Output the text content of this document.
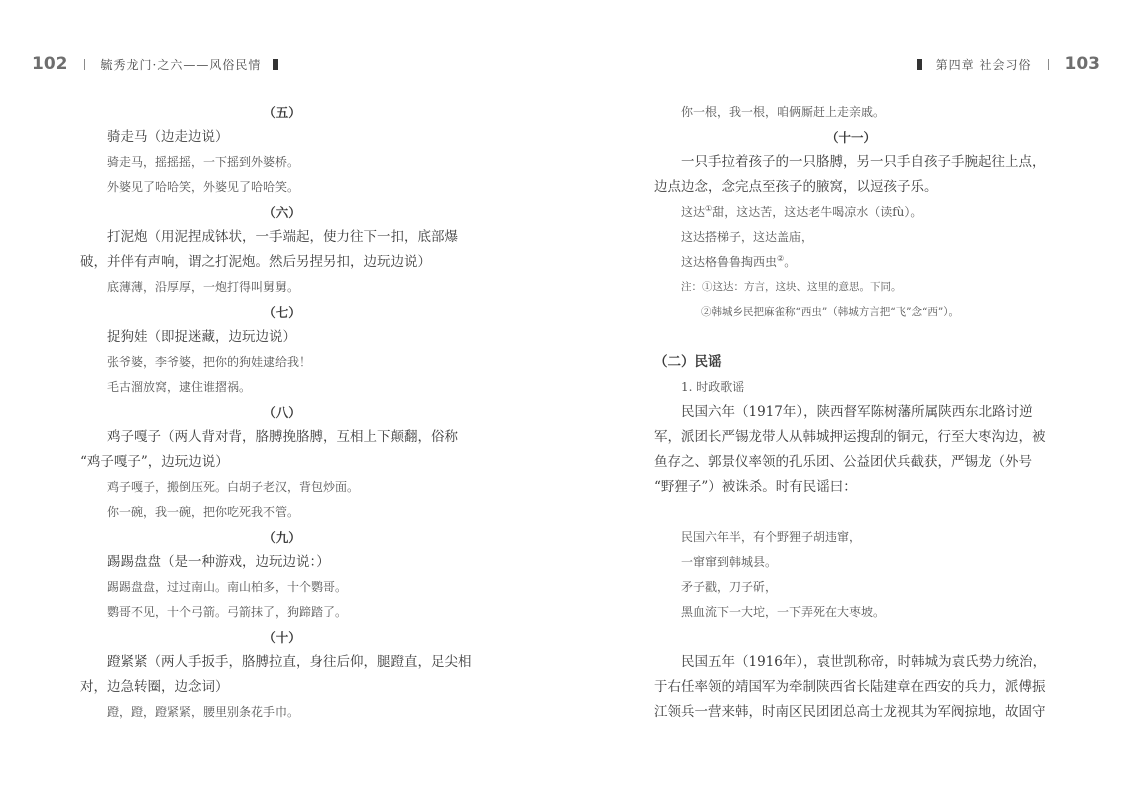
102	毓秀龙门·之六——风俗民情
（五）
骑走马（边走边说）
骑走马，摇摇摇，一下摇到外婆桥。
外婆见了哈哈笑，外婆见了哈哈笑。
（六）
打泥炮（用泥捏成钵状，一手端起，使力往下一扣，底部爆
破，并伴有声响，谓之打泥炮。然后另捏另扣，边玩边说）
底薄薄，沿厚厚，一炮打得叫舅舅。
（七）
捉狗娃（即捉迷藏，边玩边说）
张爷婆，李爷婆，把你的狗娃逮给我！
毛古溜放窝，逮住谁摺祸。
（八）
鸡子嘎子（两人背对背，胳膊挽胳膊，互相上下颠翻，俗称
“鸡子嘎子”，边玩边说）
鸡子嘎子，搬倒压死。白胡子老汉，背包炒面。
你一碗，我一碗，把你吃死我不管。
（九）
踢踢盘盘（是一种游戏，边玩边说：）
踢踢盘盘，过过南山。南山柏多，十个鹦哥。
鹦哥不见，十个弓箭。弓箭抹了，狗蹄踏了。
（十）
蹬紧紧（两人手扳手，胳膊拉直，身往后仰，腿蹬直，足尖相
对，边急转圈，边念词）
蹬，蹬，蹬紧紧，腰里别条花手巾。
第四章 社会习俗 103
你一根，我一根，咱俩厮赶上走亲戚。
（十一）
一只手拉着孩子的一只胳膊，另一只手自孩子手腕起往上点，
边点边念，念完点至孩子的腋窝，以逗孩子乐。
这达①甜，这达苦，这达老牛喝凉水（读fù）。
这达搭梯子，这达盖庙，
这达格鲁鲁掏西虫②。
注：①这达：方言，这块、这里的意思。下同。
②韩城乡民把麻雀称“西虫”（韩城方言把“飞”念“西”）。
（二）民谣
1. 时政歌谣
民国六年（1917年），陕西督军陈树藩所属陕西东北路讨逆
军，派团长严锡龙带人从韩城押运搜刮的铜元，行至大枣沟边，被
鱼存之、郭景仪率领的孔乐团、公益团伏兵截获，严锡龙（外号
“野狸子”）被诛杀。时有民谣曰：
民国六年半，有个野狸子胡违窜，
一窜窜到韩城县。
矛子戳，刀子斫，
黑血流下一大坨，一下弄死在大枣坡。
民国五年（1916年），袁世凯称帝，时韩城为袁氏势力统治，
于右任率领的靖国军为牵制陕西省长陆建章在西安的兵力，派傅振
江领兵一营来韩，时南区民团团总高士龙视其为军阀掠地，故固守
